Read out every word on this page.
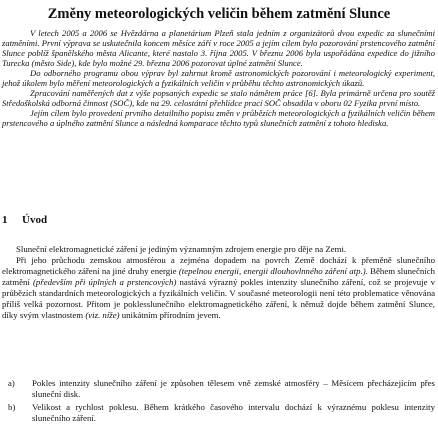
Změny meteorologických veličin během zatmění Slunce

V letech 2005 a 2006 se Hvězdárna a planetárium Plzeň stala jedním z organizátorů dvou expedic za slunečními zatměními. První výprava se uskutečnila koncem měsíce září v roce 2005 a jejím cílem bylo pozorování prstencového zatmění Slunce poblíž španělského města Alicante, které nastalo 3. října 2005. V březnu 2006 byla uspořádána expedice do jižního Turecka (město Side), kde bylo možné 29. března 2006 pozorovat úplné zatmění Slunce.

Do odborného programu obou výprav byl zahrnut kromě astronomických pozorování i meteorologický experiment, jehož úkolem bylo měření meteorologických a fyzikálních veličin v průběhu těchto astronomických úkazů.

Zpracování naměřených dat z výše popsaných expedic se stalo námětem práce [6]. Byla primárně určena pro soutěž Středoškolská odborná činnost (SOČ), kde na 29. celostátní přehlídce prací SOČ obsadila v oboru 02 Fyzika první místo.

Jejím cílem bylo provedení prvního detailního popisu změn v průbězích meteorologických a fyzikálních veličin během prstencového a úplného zatmění Slunce a následná komparace těchto typů slunečních zatmění z tohoto hlediska.

1 Úvod

Sluneční elektromagnetické záření je jediným významným zdrojem energie pro děje na Zemi.

Při jeho průchodu zemskou atmosférou a zejména dopadem na povrch Země dochází k přeměně slunečního elektromagnetického záření na jiné druhy energie (tepelnou energii, energii dlouhovlnného záření atp.). Během slunečních zatmění (především při úplných a prstencových) nastává výrazný pokles intenzity slunečního záření, což se projevuje v průbězích standardních meteorologických a fyzikálních veličin. V současné meteorologii není této problematice věnována příliš velká pozornost. Přitom je poklesslunečního elektromagnetického záření, k němuž dojde během zatmění Slunce, díky svým vlastnostem (viz. níže) unikátním přírodním jevem.

a)	Pokles intenzity slunečního záření je způsoben tělesem vně zemské atmosféry – Měsícem přecházejícím přes sluneční disk.
b)	Velikost a rychlost poklesu. Během krátkého časového intervalu dochází k výraznému poklesu intenzity slunečního záření.
